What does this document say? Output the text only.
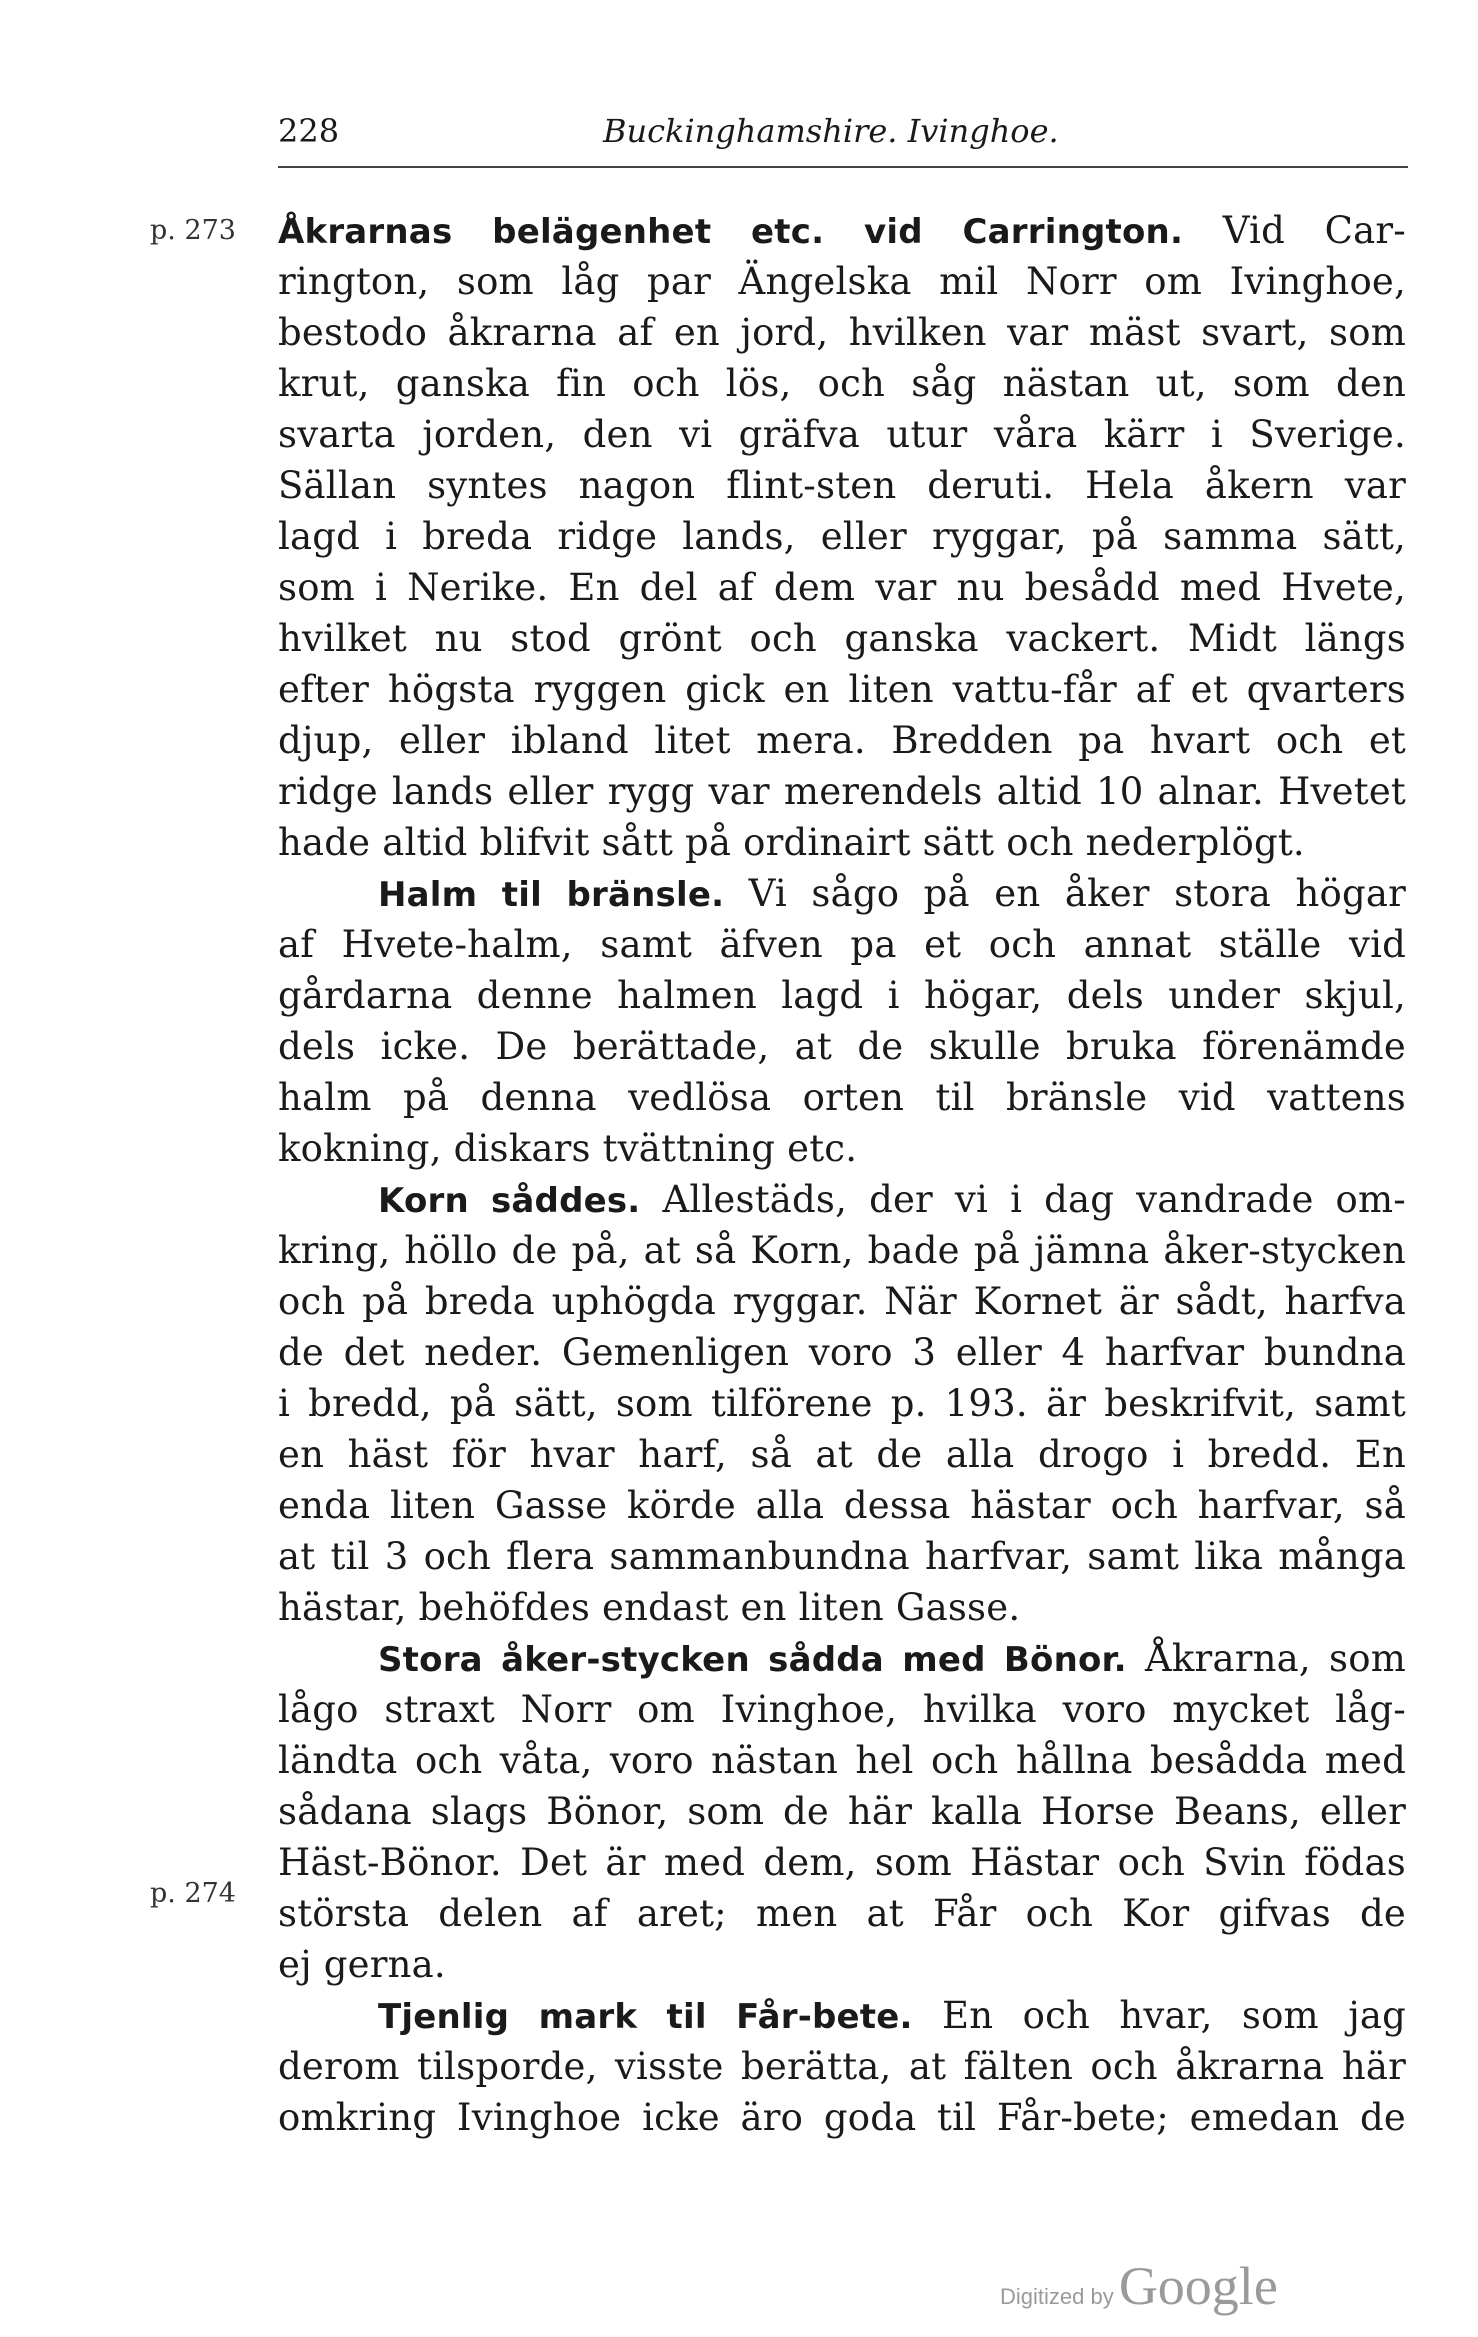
228	Buckinghamshire. Ivinghoe.
p. 273
p. 274
Åkrarnas belägenhet etc. vid Carrington. Vid Car-
rington, som låg par Ängelska mil Norr om Ivinghoe,
bestodo åkrarna af en jord, hvilken var mäst svart, som
krut, ganska fin och lös, och såg nästan ut, som den
svarta jorden, den vi gräfva utur våra kärr i Sverige.
Sällan syntes nagon flint-sten deruti. Hela åkern var
lagd i breda ridge lands, eller ryggar, på samma sätt,
som i Nerike. En del af dem var nu besådd med Hvete,
hvilket nu stod grönt och ganska vackert. Midt längs
efter högsta ryggen gick en liten vattu-får af et qvarters
djup, eller ibland litet mera. Bredden pa hvart och et
ridge lands eller rygg var merendels altid 10 alnar. Hvetet
hade altid blifvit sått på ordinairt sätt och nederplögt.
Halm til bränsle. Vi sågo på en åker stora högar
af Hvete-halm, samt äfven pa et och annat ställe vid
gårdarna denne halmen lagd i högar, dels under skjul,
dels icke. De berättade, at de skulle bruka förenämde
halm på denna vedlösa orten til bränsle vid vattens
kokning, diskars tvättning etc.
Korn såddes. Allestäds, der vi i dag vandrade om-
kring, höllo de på, at så Korn, bade på jämna åker-stycken
och på breda uphögda ryggar. När Kornet är sådt, harfva
de det neder. Gemenligen voro 3 eller 4 harfvar bundna
i bredd, på sätt, som tilförene p. 193. är beskrifvit, samt
en häst för hvar harf, så at de alla drogo i bredd. En
enda liten Gasse körde alla dessa hästar och harfvar, så
at til 3 och flera sammanbundna harfvar, samt lika många
hästar, behöfdes endast en liten Gasse.
Stora åker-stycken sådda med Bönor. Åkrarna, som
lågo straxt Norr om Ivinghoe, hvilka voro mycket låg-
ländta och våta, voro nästan hel och hållna besådda med
sådana slags Bönor, som de här kalla Horse Beans, eller
Häst-Bönor. Det är med dem, som Hästar och Svin födas
största delen af aret; men at Får och Kor gifvas de
ej gerna.
Tjenlig mark til Får-bete. En och hvar, som jag
derom tilsporde, visste berätta, at fälten och åkrarna här
omkring Ivinghoe icke äro goda til Får-bete; emedan de
Digitized by Google
